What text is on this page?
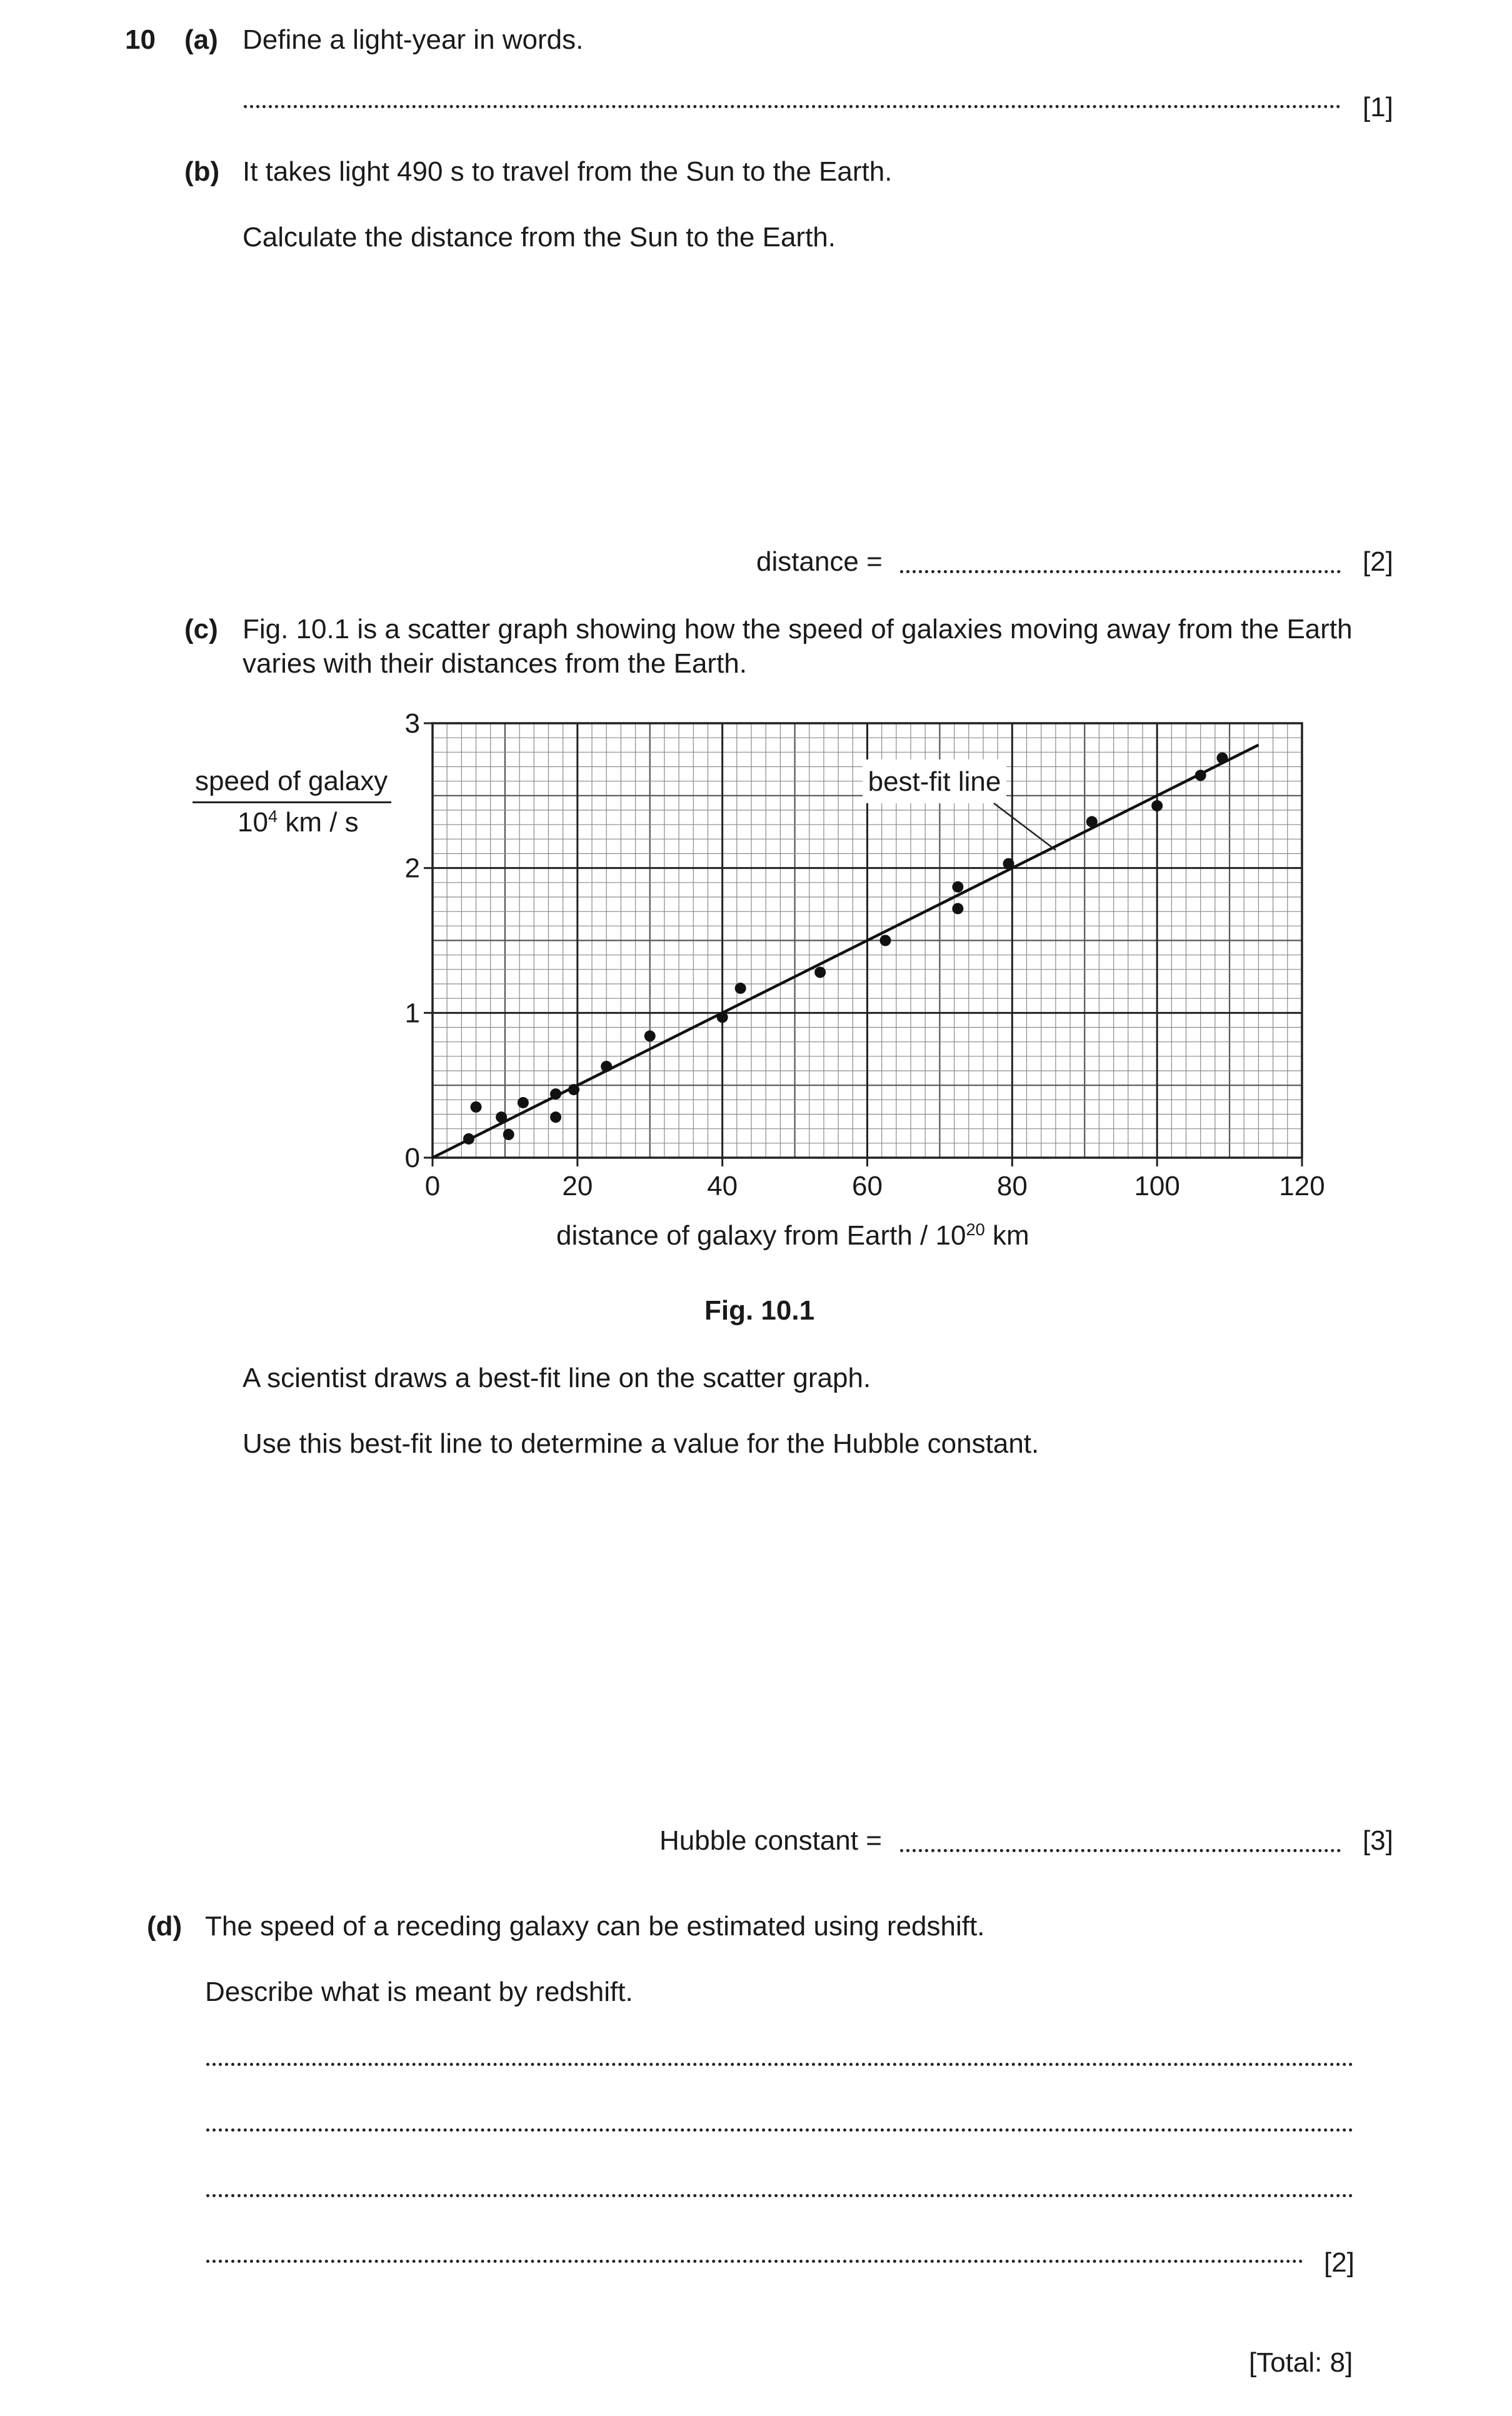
10 (a) Define a light-year in words.
[1]
(b) It takes light 490 s to travel from the Sun to the Earth.
Calculate the distance from the Sun to the Earth.
distance =	[2]
(c) Fig. 10.1 is a scatter graph showing how the speed of galaxies moving away from the Earth
varies with their distances from the Earth.
0	20	40	60	80	100	120
0
1
2
3
best-fit line
speed of galaxy
$10^4$ km / s
distance of galaxy from Earth / $10^{20}$ km
Fig. 10.1
A scientist draws a best-fit line on the scatter graph.
Use this best-fit line to determine a value for the Hubble constant.
Hubble constant =	[3]
(d) The speed of a receding galaxy can be estimated using redshift.
Describe what is meant by redshift.
[2]
[Total: 8]
